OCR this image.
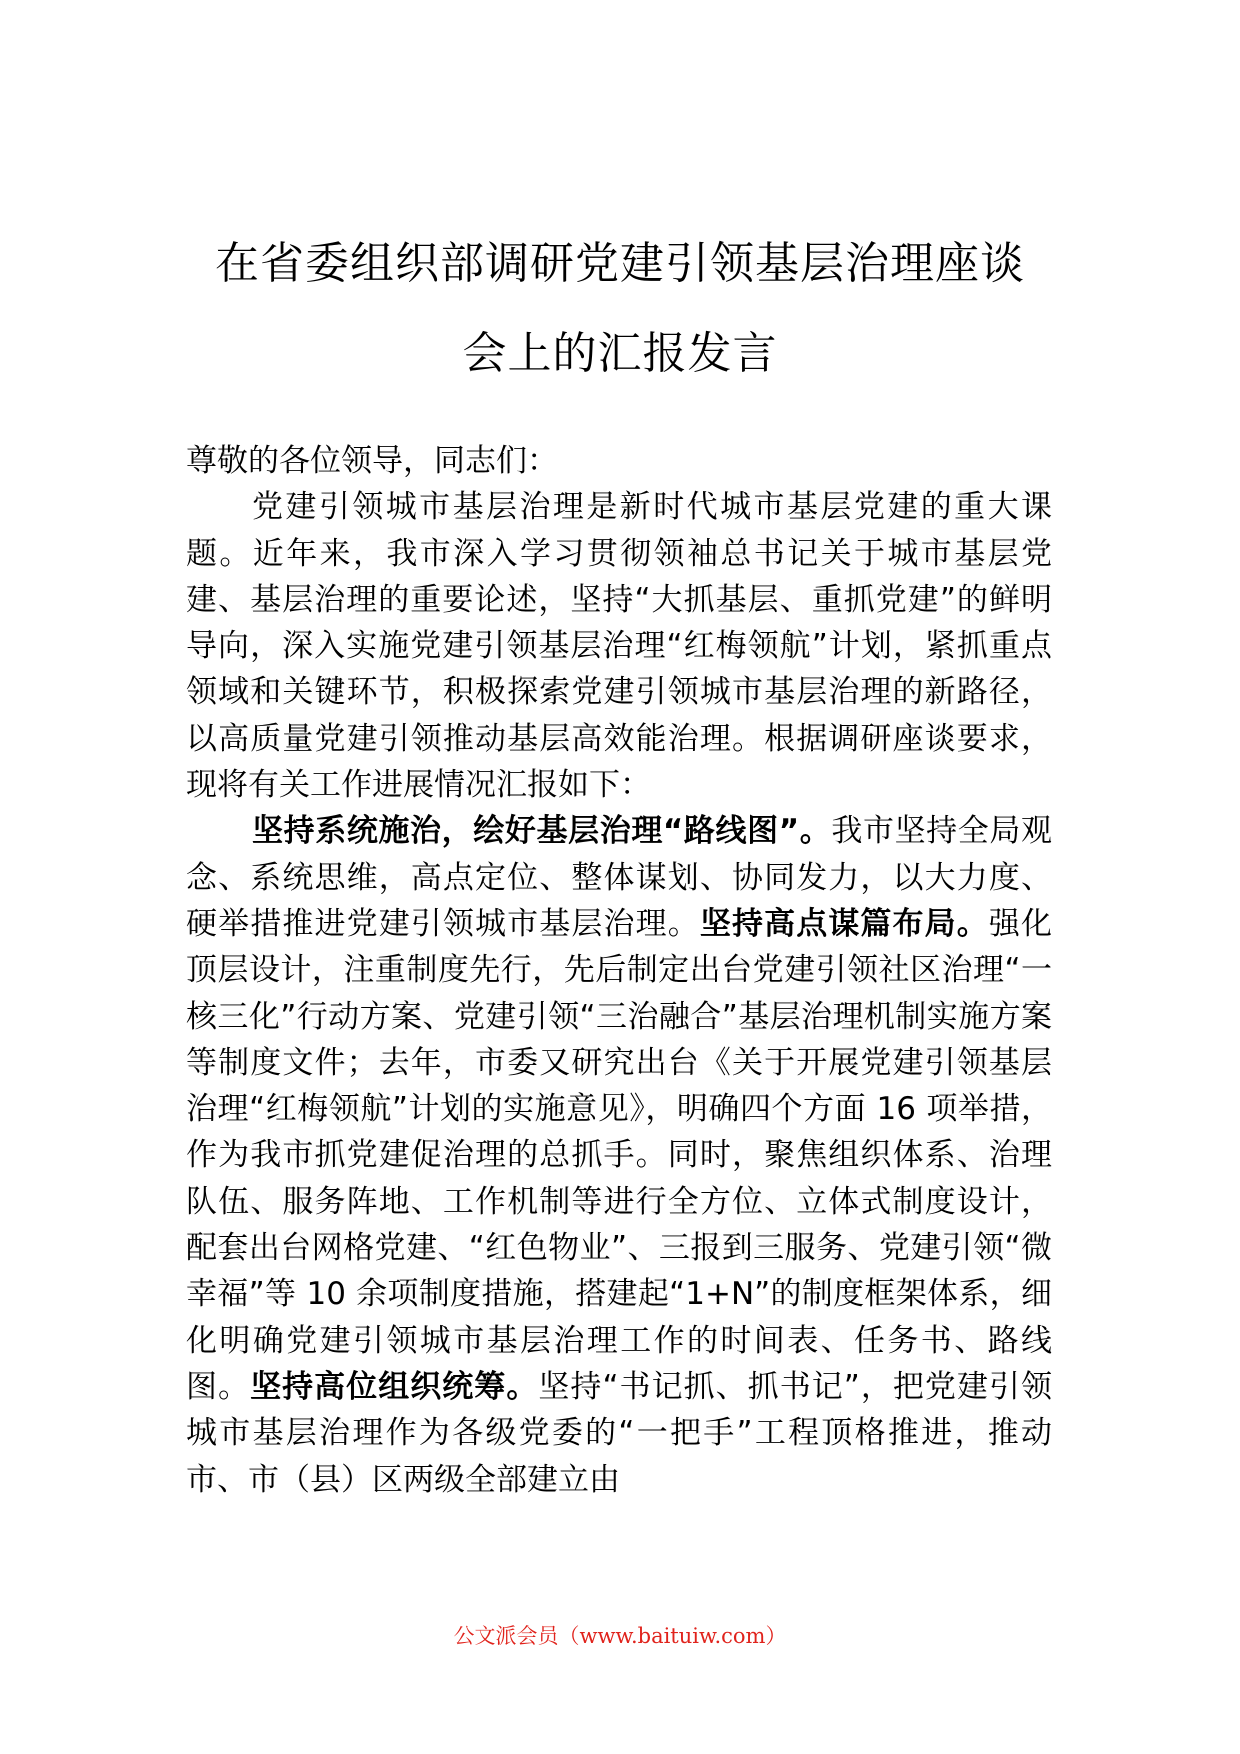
在省委组织部调研党建引领基层治理座谈
会上的汇报发言

尊敬的各位领导，同志们：

党建引领城市基层治理是新时代城市基层党建的重大课题。近年来，我市深入学习贯彻领袖总书记关于城市基层党建、基层治理的重要论述，坚持“大抓基层、重抓党建”的鲜明导向，深入实施党建引领基层治理“红梅领航”计划，紧抓重点领域和关键环节，积极探索党建引领城市基层治理的新路径，以高质量党建引领推动基层高效能治理。根据调研座谈要求，现将有关工作进展情况汇报如下：

坚持系统施治，绘好基层治理“路线图”。我市坚持全局观念、系统思维，高点定位、整体谋划、协同发力，以大力度、硬举措推进党建引领城市基层治理。坚持高点谋篇布局。强化顶层设计，注重制度先行，先后制定出台党建引领社区治理“一核三化”行动方案、党建引领“三治融合”基层治理机制实施方案等制度文件；去年，市委又研究出台《关于开展党建引领基层治理“红梅领航”计划的实施意见》，明确四个方面 16 项举措，作为我市抓党建促治理的总抓手。同时，聚焦组织体系、治理队伍、服务阵地、工作机制等进行全方位、立体式制度设计，配套出台网格党建、“红色物业”、三报到三服务、党建引领“微幸福”等 10 余项制度措施，搭建起“1+N”的制度框架体系，细化明确党建引领城市基层治理工作的时间表、任务书、路线图。坚持高位组织统筹。坚持“书记抓、抓书记”，把党建引领城市基层治理作为各级党委的“一把手”工程顶格推进，推动市、市（县）区两级全部建立由

公文派会员（www.baituiw.com）
